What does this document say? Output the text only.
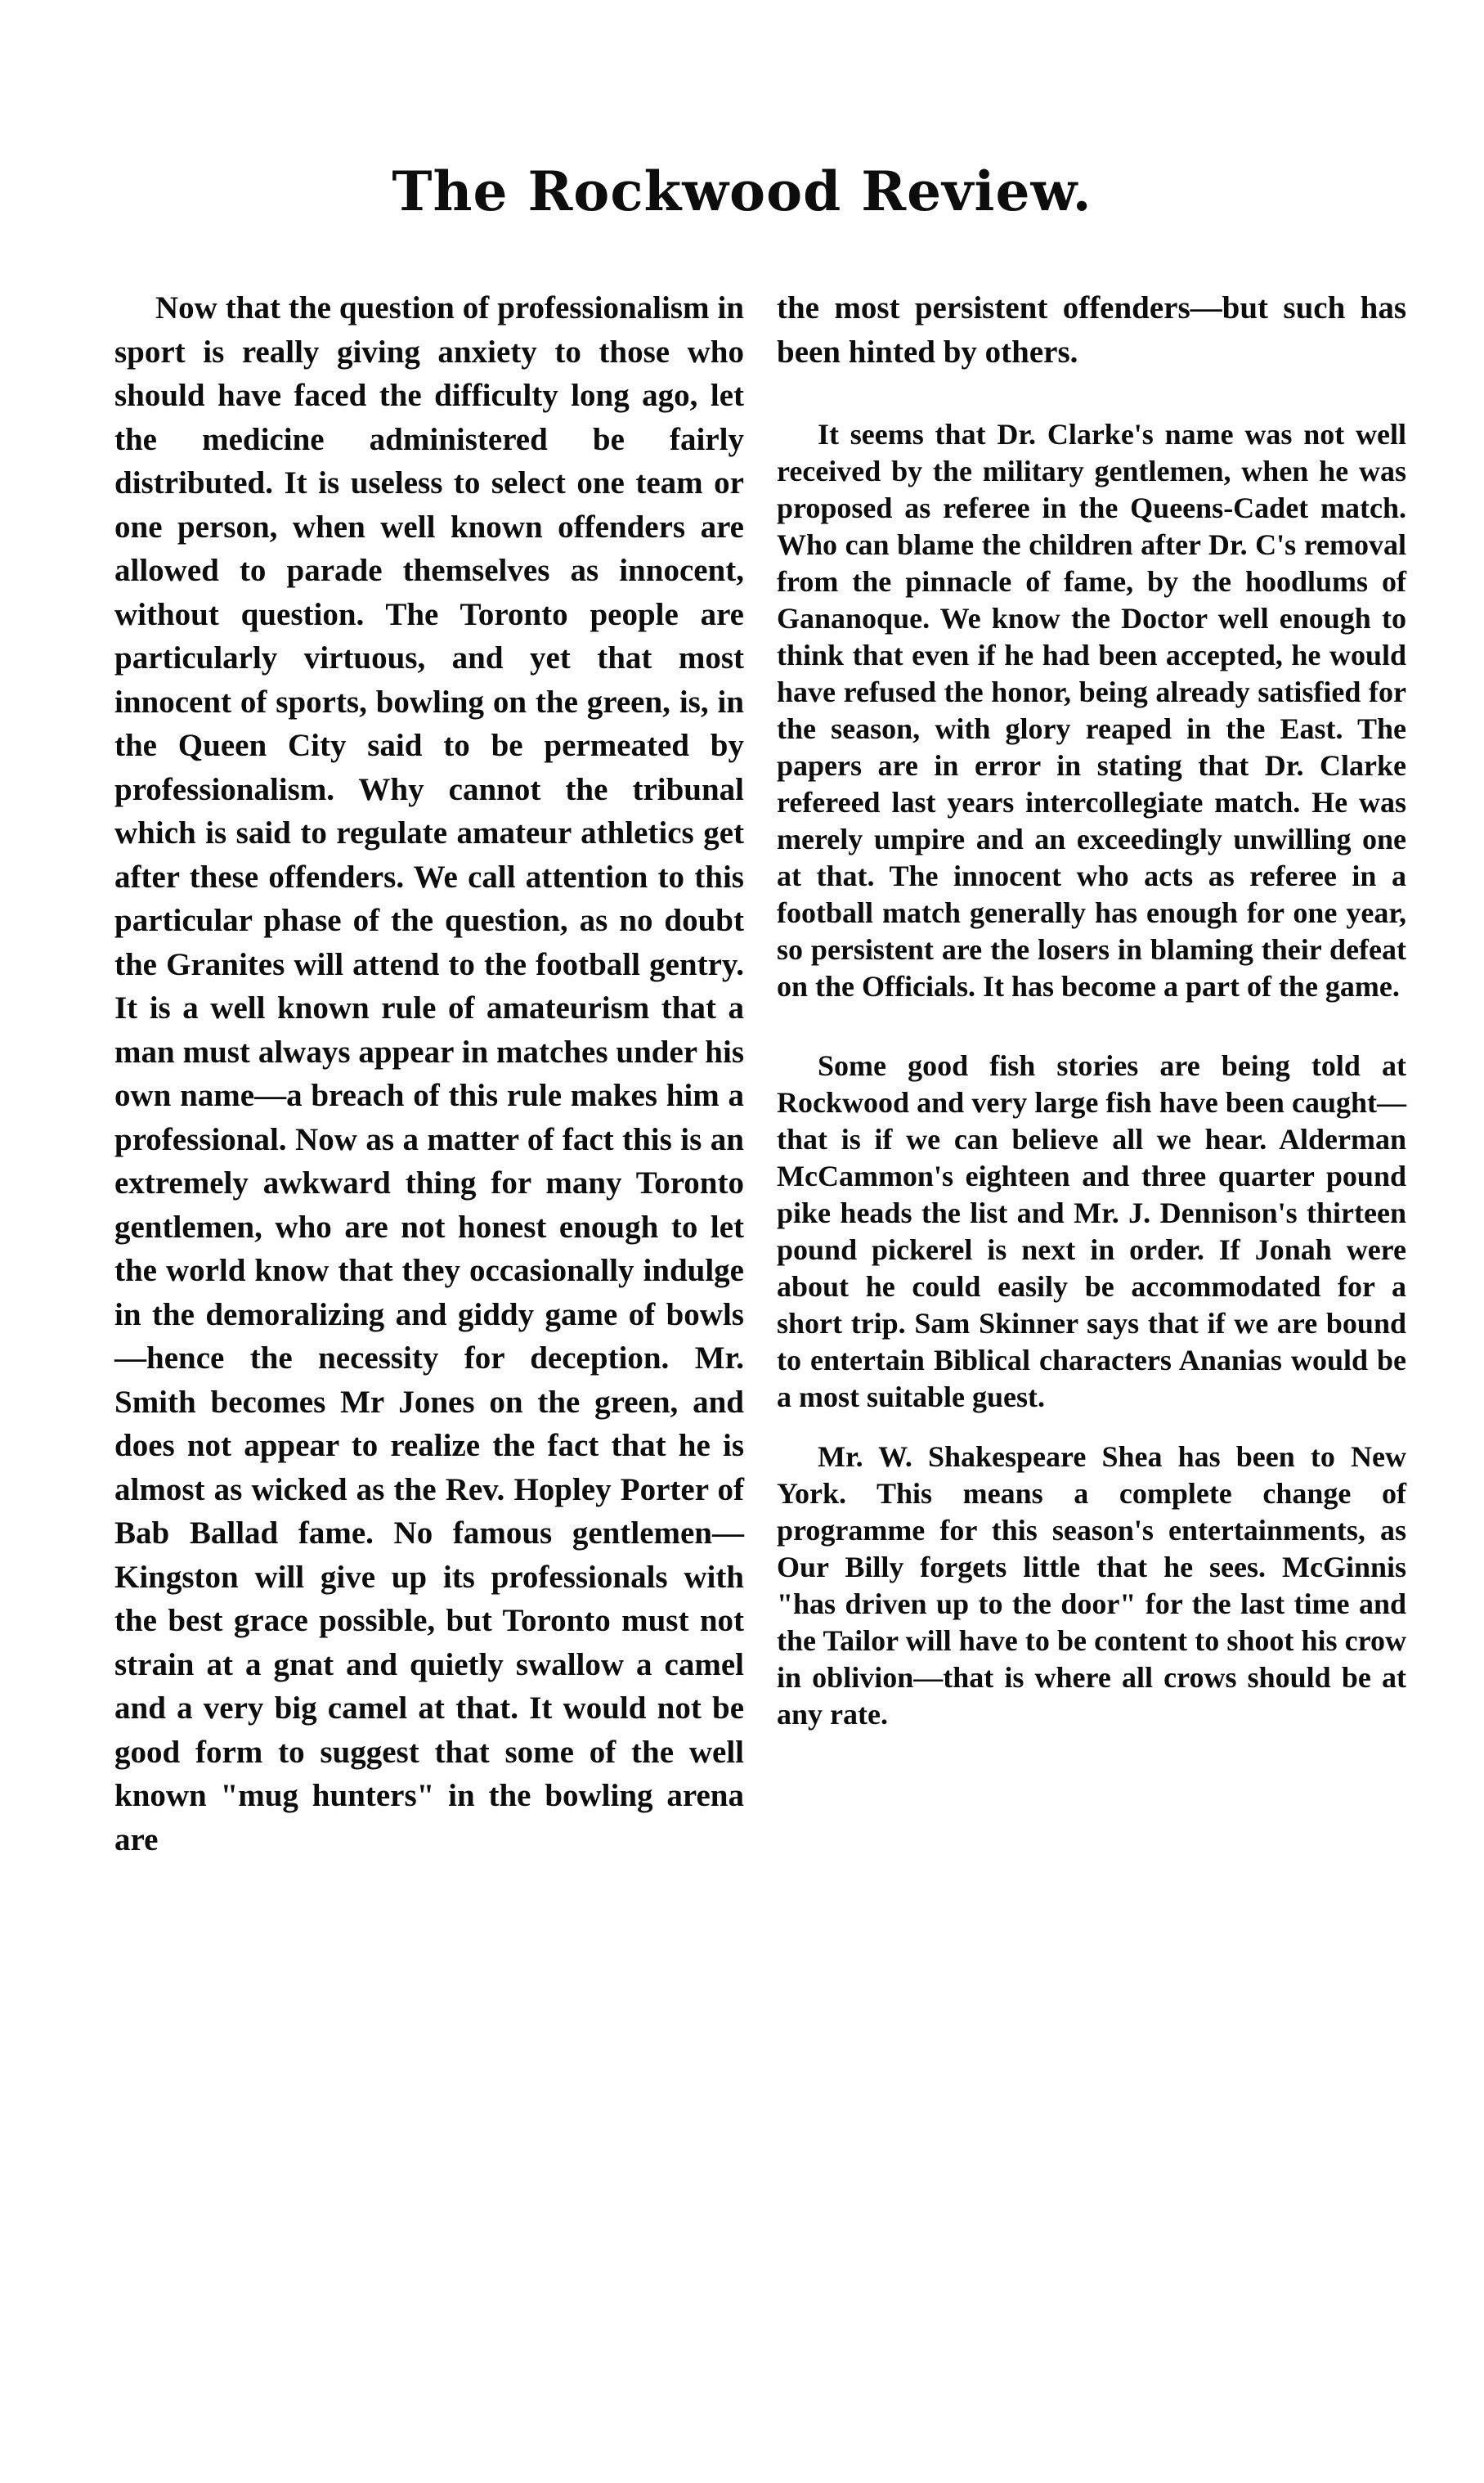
The Rockwood Review.

Now that the question of professionalism in sport is really giving anxiety to those who should have faced the difficulty long ago, let the medicine administered be fairly distributed. It is useless to select one team or one person, when well known offenders are allowed to parade themselves as innocent, without question. The Toronto people are particularly virtuous, and yet that most innocent of sports, bowling on the green, is, in the Queen City said to be permeated by professionalism. Why cannot the tribunal which is said to regulate amateur athletics get after these offenders. We call attention to this particular phase of the question, as no doubt the Granites will attend to the football gentry. It is a well known rule of amateurism that a man must always appear in matches under his own name—a breach of this rule makes him a professional. Now as a matter of fact this is an extremely awkward thing for many Toronto gentlemen, who are not honest enough to let the world know that they occasionally indulge in the demoralizing and giddy game of bowls—hence the necessity for deception. Mr. Smith becomes Mr Jones on the green, and does not appear to realize the fact that he is almost as wicked as the Rev. Hopley Porter of Bab Ballad fame. No famous gentlemen—Kingston will give up its professionals with the best grace possible, but Toronto must not strain at a gnat and quietly swallow a camel and a very big camel at that. It would not be good form to suggest that some of the well known "mug hunters" in the bowling arena are

the most persistent offenders—but such has been hinted by others.

It seems that Dr. Clarke's name was not well received by the military gentlemen, when he was proposed as referee in the Queens-Cadet match. Who can blame the children after Dr. C's removal from the pinnacle of fame, by the hoodlums of Gananoque. We know the Doctor well enough to think that even if he had been accepted, he would have refused the honor, being already satisfied for the season, with glory reaped in the East. The papers are in error in stating that Dr. Clarke refereed last years intercollegiate match. He was merely umpire and an exceedingly unwilling one at that. The innocent who acts as referee in a football match generally has enough for one year, so persistent are the losers in blaming their defeat on the Officials. It has become a part of the game.

Some good fish stories are being told at Rockwood and very large fish have been caught—that is if we can believe all we hear. Alderman McCammon's eighteen and three quarter pound pike heads the list and Mr. J. Dennison's thirteen pound pickerel is next in order. If Jonah were about he could easily be accommodated for a short trip. Sam Skinner says that if we are bound to entertain Biblical characters Ananias would be a most suitable guest.

Mr. W. Shakespeare Shea has been to New York. This means a complete change of programme for this season's entertainments, as Our Billy forgets little that he sees. McGinnis "has driven up to the door" for the last time and the Tailor will have to be content to shoot his crow in oblivion—that is where all crows should be at any rate.
